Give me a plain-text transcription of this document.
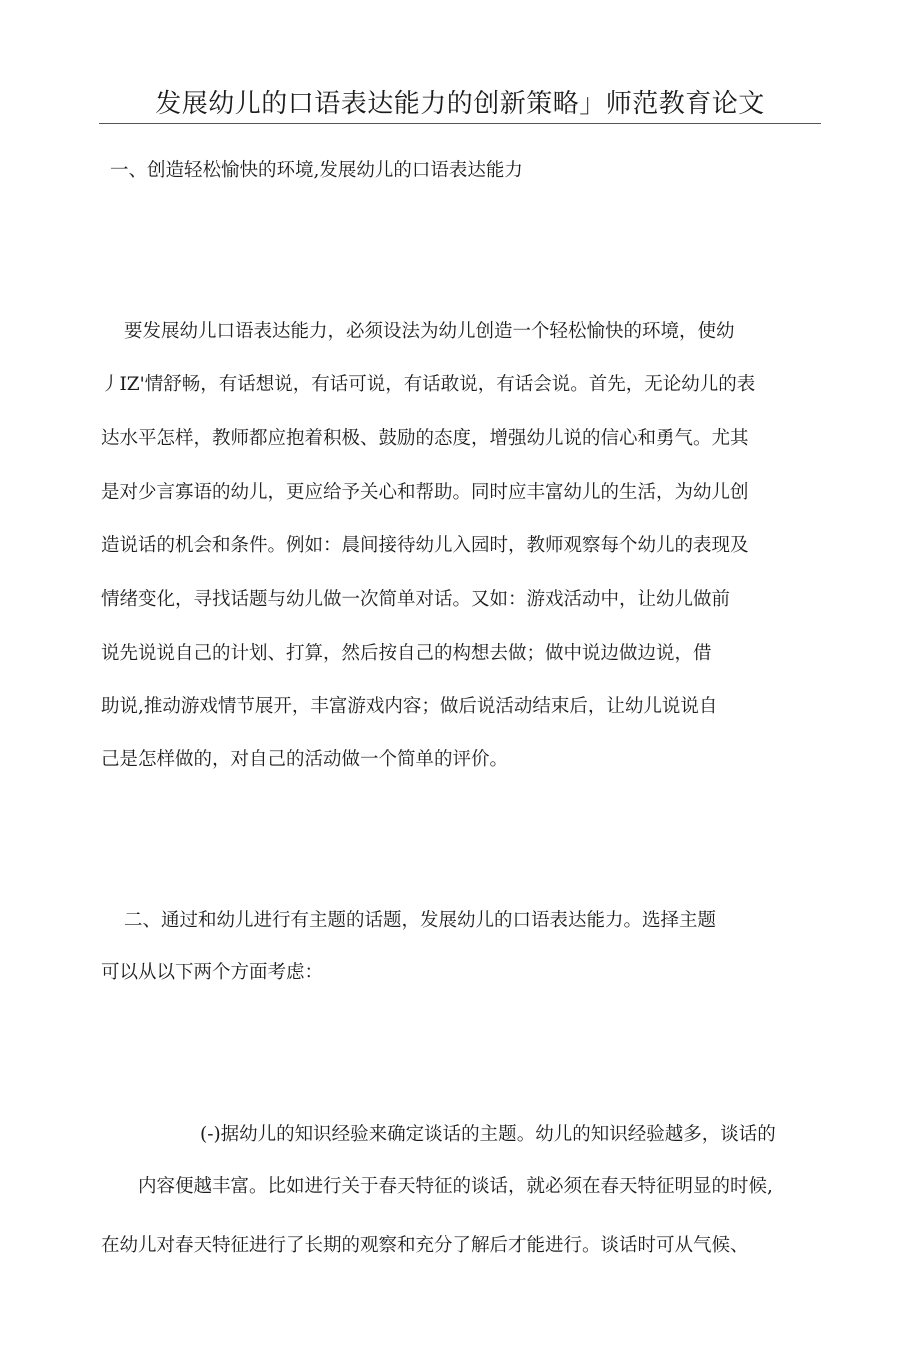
发展幼儿的口语表达能力的创新策略」师范教育论文

一、创造轻松愉快的环境,发展幼儿的口语表达能力

要发展幼儿口语表达能力，必须设法为幼儿创造一个轻松愉快的环境，使幼

丿IZ'情舒畅，有话想说，有话可说，有话敢说，有话会说。首先，无论幼儿的表

达水平怎样，教师都应抱着积极、鼓励的态度，增强幼儿说的信心和勇气。尤其

是对少言寡语的幼儿，更应给予关心和帮助。同时应丰富幼儿的生活，为幼儿创

造说话的机会和条件。例如：晨间接待幼儿入园时，教师观察每个幼儿的表现及

情绪变化，寻找话题与幼儿做一次简单对话。又如：游戏活动中，让幼儿做前

说先说说自己的计划、打算，然后按自己的构想去做；做中说边做边说，借

助说,推动游戏情节展开，丰富游戏内容；做后说活动结束后，让幼儿说说自

己是怎样做的，对自己的活动做一个简单的评价。

二、通过和幼儿进行有主题的话题，发展幼儿的口语表达能力。选择主题

可以从以下两个方面考虑：

(-)据幼儿的知识经验来确定谈话的主题。幼儿的知识经验越多，谈话的

内容便越丰富。比如进行关于春天特征的谈话，就必须在春天特征明显的时候,

在幼儿对春天特征进行了长期的观察和充分了解后才能进行。谈话时可从气候、
